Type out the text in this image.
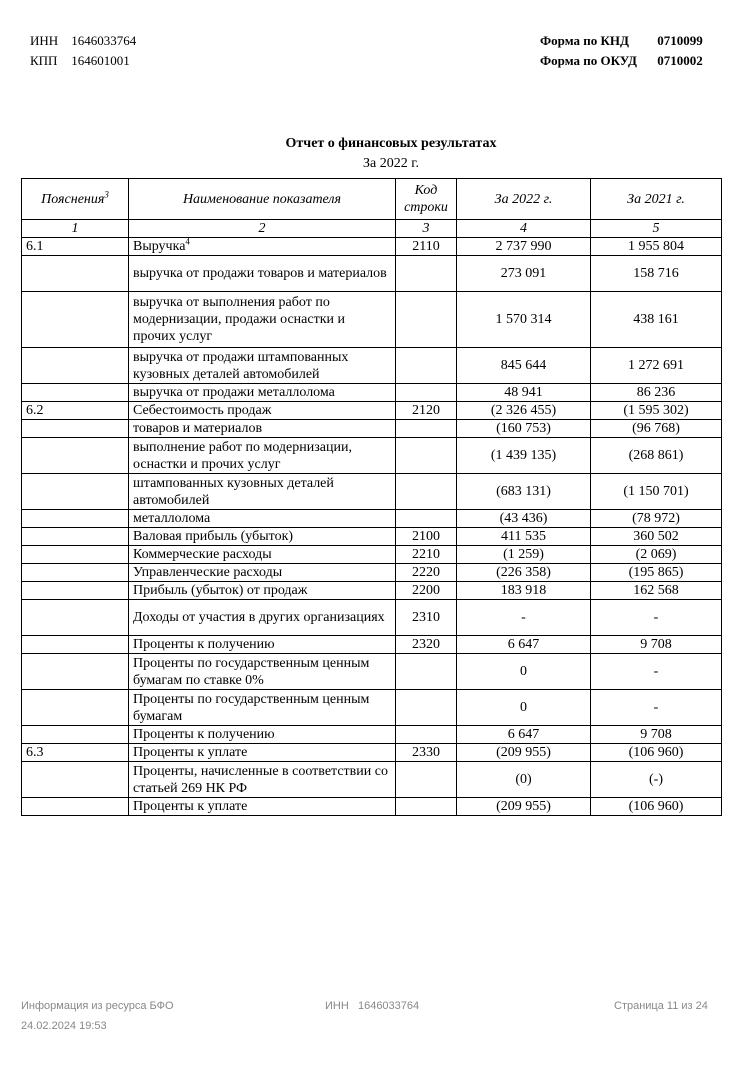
ИНН 1646033764
КПП 164601001
Форма по КНД 0710099
Форма по ОКУД 0710002
Отчет о финансовых результатах
За 2022 г.
Пояснения$^3$	Наименование показателя	Код строки	За 2022 г.	За 2021 г.
1	2	3	4	5
6.1	Выручка$^4$	2110	2 737 990	1 955 804
	выручка от продажи товаров и материалов		273 091	158 716
	выручка от выполнения работ по модернизации, продажи оснастки и прочих услуг		1 570 314	438 161
	выручка от продажи штампованных кузовных деталей автомобилей		845 644	1 272 691
	выручка от продажи металлолома		48 941	86 236
6.2	Себестоимость продаж	2120	(2 326 455)	(1 595 302)
	товаров и материалов		(160 753)	(96 768)
	выполнение работ по модернизации, оснастки и прочих услуг		(1 439 135)	(268 861)
	штампованных кузовных деталей автомобилей		(683 131)	(1 150 701)
	металлолома		(43 436)	(78 972)
	Валовая прибыль (убыток)	2100	411 535	360 502
	Коммерческие расходы	2210	(1 259)	(2 069)
	Управленческие расходы	2220	(226 358)	(195 865)
	Прибыль (убыток) от продаж	2200	183 918	162 568
	Доходы от участия в других организациях	2310	-	-
	Проценты к получению	2320	6 647	9 708
	Проценты по государственным ценным бумагам по ставке 0%		0	-
	Проценты по государственным ценным бумагам		0	-
	Проценты к получению		6 647	9 708
6.3	Проценты к уплате	2330	(209 955)	(106 960)
	Проценты, начисленные в соответствии со статьей 269 НК РФ		(0)	(-)
	Проценты к уплате		(209 955)	(106 960)
Информация из ресурса БФО
24.02.2024 19:53
ИНН   1646033764	Страница 11 из 24
